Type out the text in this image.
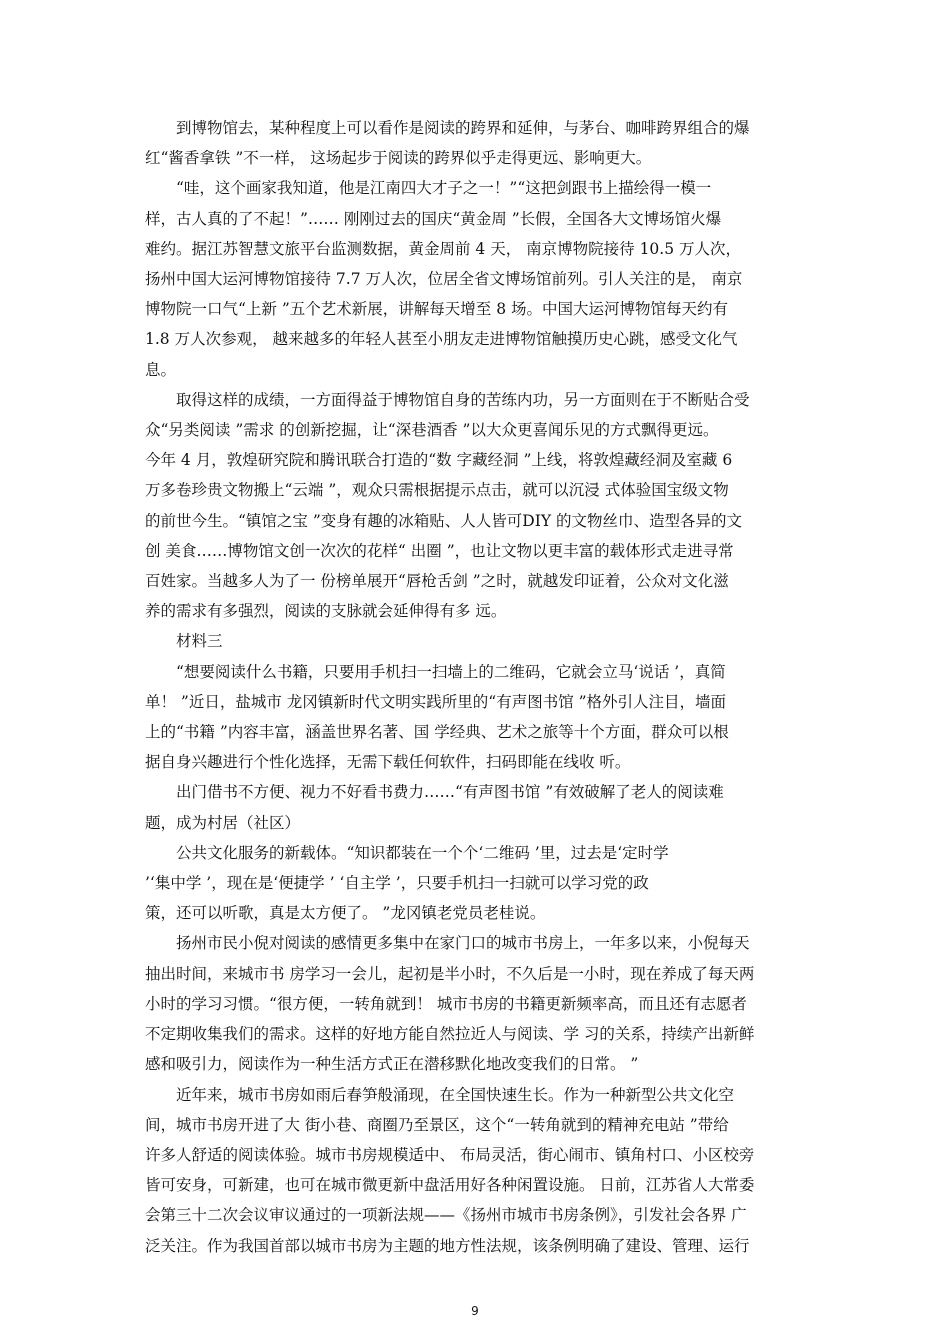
到博物馆去，某种程度上可以看作是阅读的跨界和延伸，与茅台、咖啡跨界组合的爆
红“酱香拿铁 ”不一样， 这场起步于阅读的跨界似乎走得更远、影响更大。
“哇，这个画家我知道，他是江南四大才子之一！”“这把剑跟书上描绘得一模一
样，古人真的了不起！”…… 刚刚过去的国庆“黄金周 ”长假，全国各大文博场馆火爆
难约。据江苏智慧文旅平台监测数据，黄金周前 4 天， 南京博物院接待 10.5 万人次，
扬州中国大运河博物馆接待 7.7 万人次，位居全省文博场馆前列。引人关注的是， 南京
博物院一口气“上新 ”五个艺术新展，讲解每天增至 8 场。中国大运河博物馆每天约有
1.8 万人次参观， 越来越多的年轻人甚至小朋友走进博物馆触摸历史心跳，感受文化气
息。
取得这样的成绩，一方面得益于博物馆自身的苦练内功，另一方面则在于不断贴合受
众“另类阅读 ”需求 的创新挖掘，让“深巷酒香 ”以大众更喜闻乐见的方式飘得更远。
今年 4 月，敦煌研究院和腾讯联合打造的“数 字藏经洞 ”上线，将敦煌藏经洞及室藏 6
万多卷珍贵文物搬上“云端 ”，观众只需根据提示点击，就可以沉浸 式体验国宝级文物
的前世今生。“镇馆之宝 ”变身有趣的冰箱贴、人人皆可DIY 的文物丝巾、造型各异的文
创 美食……博物馆文创一次次的花样“ 出圈 ”，也让文物以更丰富的载体形式走进寻常
百姓家。当越多人为了一 份榜单展开“唇枪舌剑 ”之时，就越发印证着，公众对文化滋
养的需求有多强烈，阅读的支脉就会延伸得有多 远。
材料三
“想要阅读什么书籍，只要用手机扫一扫墙上的二维码，它就会立马‘说话 ’，真简
单！ ”近日，盐城市 龙冈镇新时代文明实践所里的“有声图书馆 ”格外引人注目，墙面
上的“书籍 ”内容丰富，涵盖世界名著、国 学经典、艺术之旅等十个方面，群众可以根
据自身兴趣进行个性化选择，无需下载任何软件，扫码即能在线收 听。
出门借书不方便、视力不好看书费力……“有声图书馆 ”有效破解了老人的阅读难
题，成为村居（社区）
公共文化服务的新载体。“知识都装在一个个‘二维码 ’里，过去是‘定时学
’‘集中学 ’，现在是‘便捷学 ’ ‘自主学 ’，只要手机扫一扫就可以学习党的政
策，还可以听歌，真是太方便了。 ”龙冈镇老党员老桂说。
扬州市民小倪对阅读的感情更多集中在家门口的城市书房上，一年多以来，小倪每天
抽出时间，来城市书 房学习一会儿，起初是半小时，不久后是一小时，现在养成了每天两
小时的学习习惯。“很方便，一转角就到！ 城市书房的书籍更新频率高，而且还有志愿者
不定期收集我们的需求。这样的好地方能自然拉近人与阅读、学 习的关系，持续产出新鲜
感和吸引力，阅读作为一种生活方式正在潜移默化地改变我们的日常。 ”
近年来，城市书房如雨后春笋般涌现，在全国快速生长。作为一种新型公共文化空
间，城市书房开进了大 街小巷、商圈乃至景区，这个“一转角就到的精神充电站 ”带给
许多人舒适的阅读体验。城市书房规模适中、 布局灵活，街心闹市、镇角村口、小区校旁
皆可安身，可新建，也可在城市微更新中盘活用好各种闲置设施。 日前，江苏省人大常委
会第三十二次会议审议通过的一项新法规——《扬州市城市书房条例》，引发社会各界 广
泛关注。作为我国首部以城市书房为主题的地方性法规，该条例明确了建设、管理、运行
9
